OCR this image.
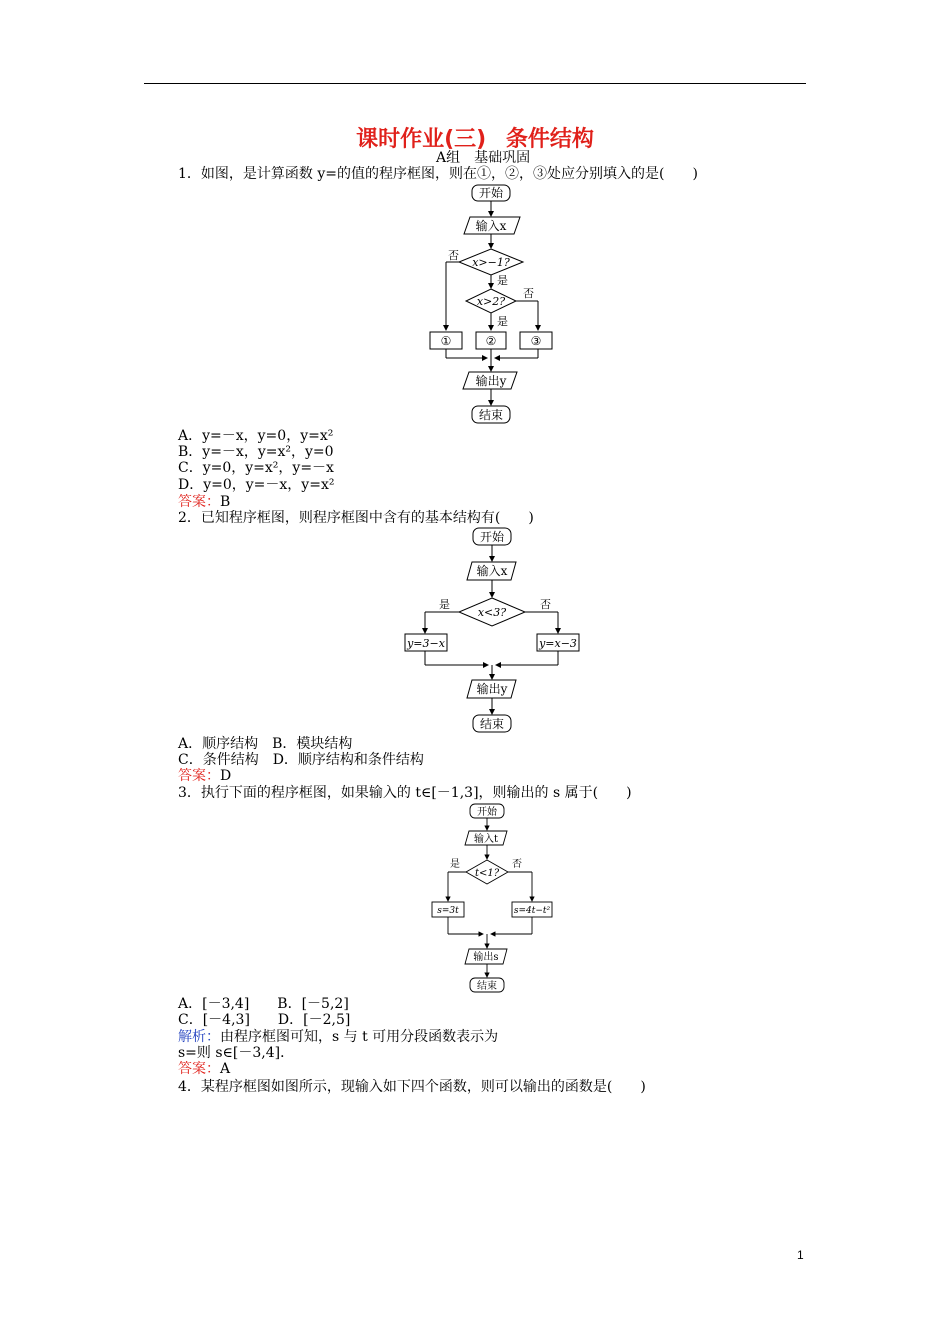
课时作业(三) 条件结构
A组　基础巩固
1．如图，是计算函数 y=的值的程序框图，则在①，②，③处应分别填入的是(　　)
开始
输入x
x>−1?
x>2?
否
是
否
是
①	②	③
输出y
结束
A．y=－x，y=0，y=x²
B．y=－x，y=x²，y=0
C．y=0，y=x²，y=－x
D．y=0，y=－x，y=x²
答案：B
2．已知程序框图，则程序框图中含有的基本结构有(　　)
开始
输入x
x<3?
是	否
y=3−x	y=x−3
输出y
结束
A．顺序结构　B．模块结构
C．条件结构　D．顺序结构和条件结构
答案：D
3．执行下面的程序框图，如果输入的 t∈[－1,3]，则输出的 s 属于(　　)
开始
输入t
t<1?
是	否
s=3t	s=4t−t²
输出s
结束
A．[－3,4]　　B．[－5,2]
C．[－4,3]　　D．[－2,5]
解析：由程序框图可知，s 与 t 可用分段函数表示为
s=则 s∈[－3,4]．
答案：A
4．某程序框图如图所示，现输入如下四个函数，则可以输出的函数是(　　)
1
